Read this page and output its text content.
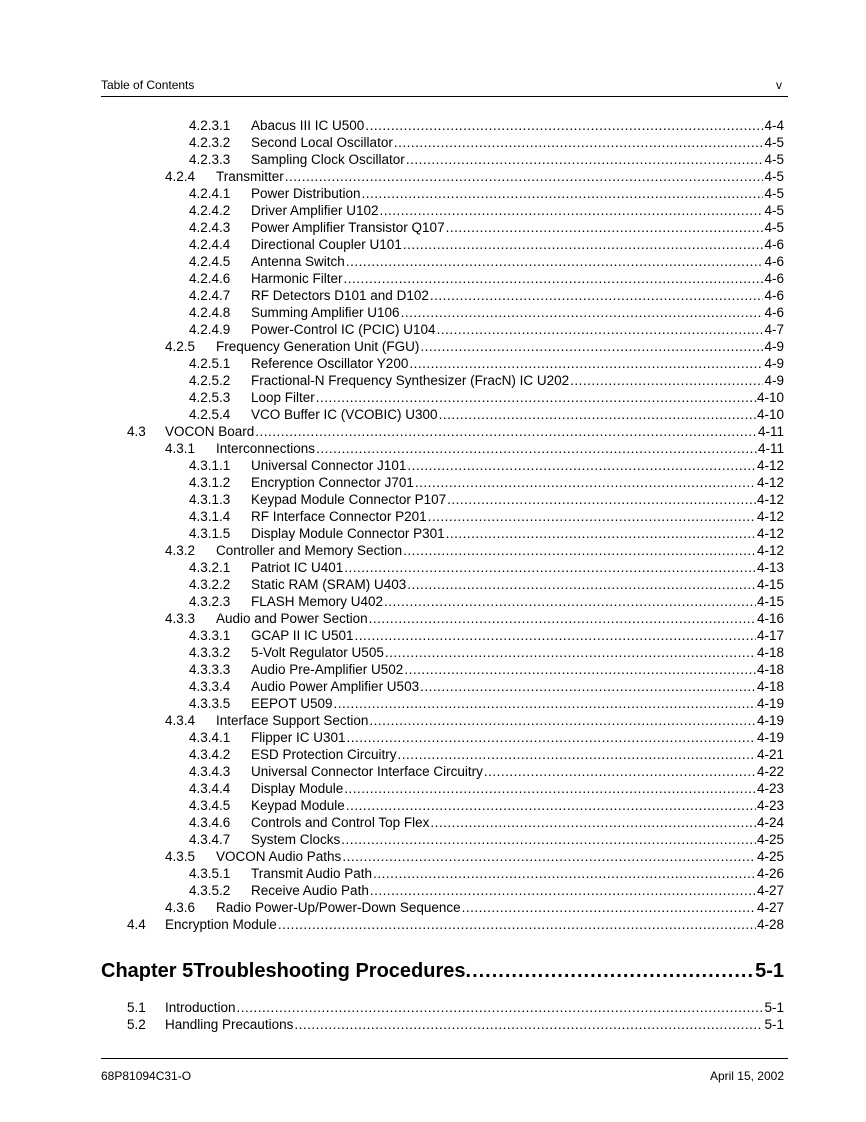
Table of Contents	v
4.2.3.1 Abacus III IC U500 .....	4-4
4.2.3.2 Second Local Oscillator .....	4-5
4.2.3.3 Sampling Clock Oscillator .....	4-5
4.2.4 Transmitter .....	4-5
4.2.4.1 Power Distribution .....	4-5
4.2.4.2 Driver Amplifier U102 .....	4-5
4.2.4.3 Power Amplifier Transistor Q107 .....	4-5
4.2.4.4 Directional Coupler U101 .....	4-6
4.2.4.5 Antenna Switch .....	4-6
4.2.4.6 Harmonic Filter .....	4-6
4.2.4.7 RF Detectors D101 and D102 .....	4-6
4.2.4.8 Summing Amplifier U106 .....	4-6
4.2.4.9 Power-Control IC (PCIC) U104 .....	4-7
4.2.5 Frequency Generation Unit (FGU) .....	4-9
4.2.5.1 Reference Oscillator Y200 .....	4-9
4.2.5.2 Fractional-N Frequency Synthesizer (FracN) IC U202 .....	4-9
4.2.5.3 Loop Filter .....	4-10
4.2.5.4 VCO Buffer IC (VCOBIC) U300 .....	4-10
4.3 VOCON Board .....	4-11
4.3.1 Interconnections .....	4-11
4.3.1.1 Universal Connector J101 .....	4-12
4.3.1.2 Encryption Connector J701 .....	4-12
4.3.1.3 Keypad Module Connector P107 .....	4-12
4.3.1.4 RF Interface Connector P201 .....	4-12
4.3.1.5 Display Module Connector P301 .....	4-12
4.3.2 Controller and Memory Section .....	4-12
4.3.2.1 Patriot IC U401 .....	4-13
4.3.2.2 Static RAM (SRAM) U403 .....	4-15
4.3.2.3 FLASH Memory U402 .....	4-15
4.3.3 Audio and Power Section .....	4-16
4.3.3.1 GCAP II IC U501 .....	4-17
4.3.3.2 5-Volt Regulator U505 .....	4-18
4.3.3.3 Audio Pre-Amplifier U502 .....	4-18
4.3.3.4 Audio Power Amplifier U503 .....	4-18
4.3.3.5 EEPOT U509 .....	4-19
4.3.4 Interface Support Section .....	4-19
4.3.4.1 Flipper IC U301 .....	4-19
4.3.4.2 ESD Protection Circuitry .....	4-21
4.3.4.3 Universal Connector Interface Circuitry .....	4-22
4.3.4.4 Display Module .....	4-23
4.3.4.5 Keypad Module .....	4-23
4.3.4.6 Controls and Control Top Flex .....	4-24
4.3.4.7 System Clocks .....	4-25
4.3.5 VOCON Audio Paths .....	4-25
4.3.5.1 Transmit Audio Path .....	4-26
4.3.5.2 Receive Audio Path .....	4-27
4.3.6 Radio Power-Up/Power-Down Sequence .....	4-27
4.4 Encryption Module .....	4-28
Chapter 5 Troubleshooting Procedures .....	5-1
5.1 Introduction .....	5-1
5.2 Handling Precautions .....	5-1
68P81094C31-O	April 15, 2002
